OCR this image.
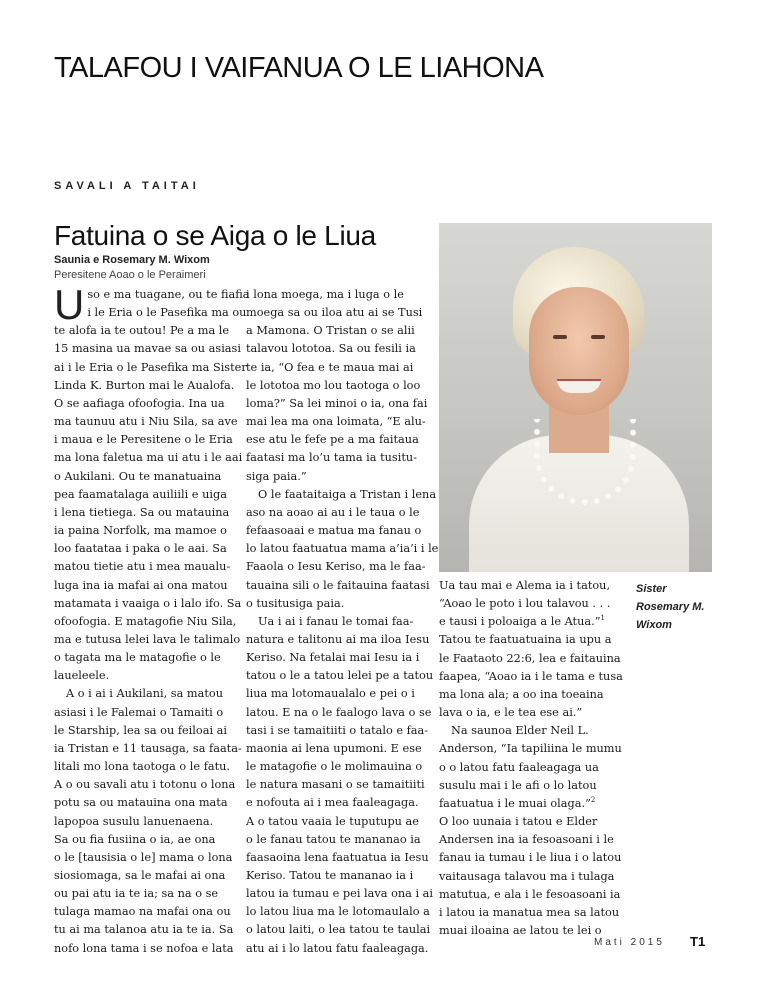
TALAFOU I VAIFANUA O LE LIAHONA
SAVALI A TAITAI
Fatuina o se Aiga o le Liua
Saunia e Rosemary M. Wixom
Peresitene Aoao o le Peraimeri
U so e ma tuagane, ou te fiafia
i le Eria o le Pasefika ma ou
te alofa ia te outou! Pe a ma le
15 masina ua mavae sa ou asiasi
ai i le Eria o le Pasefika ma Sister
Linda K. Burton mai le Aualofa.
O se aafiaga ofoofogia. Ina ua
ma taunuu atu i Niu Sila, sa ave
i maua e le Peresitene o le Eria
ma lona faletua ma ui atu i le aai
o Aukilani. Ou te manatuaina
pea faamatalaga auiliili e uiga
i lena tietiega. Sa ou matauina
ia paina Norfolk, ma mamoe o
loo faatataa i paka o le aai. Sa
matou tietie atu i mea maualu-
luga ina ia mafai ai ona matou
matamata i vaaiga o i lalo ifo. Sa
ofoofogia. E matagofie Niu Sila,
ma e tutusa lelei lava le talimalo
o tagata ma le matagofie o le
laueleele.
A o i ai i Aukilani, sa matou
asiasi i le Falemai o Tamaiti o
le Starship, lea sa ou feiloai ai
ia Tristan e 11 tausaga, sa faata-
litali mo lona taotoga o le fatu.
A o ou savali atu i totonu o lona
potu sa ou matauina ona mata
lapopoa susulu lanuenaena.
Sa ou fia fusiina o ia, ae ona
o le [tausisia o le] mama o lona
siosiomaga, sa le mafai ai ona
ou pai atu ia te ia; sa na o se
tulaga mamao na mafai ona ou
tu ai ma talanoa atu ia te ia. Sa
nofo lona tama i se nofoa e lata
i lona moega, ma i luga o le
moega sa ou iloa atu ai se Tusi
a Mamona. O Tristan o se alii
talavou lototoa. Sa ou fesili ia
te ia, “O fea e te maua mai ai
le lototoa mo lou taotoga o loo
loma?” Sa lei minoi o ia, ona fai
mai lea ma ona loimata, “E alu-
ese atu le fefe pe a ma faitaua
faatasi ma lo’u tama ia tusitu-
siga paia.”
O le faataitaiga a Tristan i lena
aso na aoao ai au i le taua o le
fefaasoaai e matua ma fanau o
lo latou faatuatua mama a’ia’i i le
Faaola o Iesu Keriso, ma le faa-
tauaina sili o le faitauina faatasi
o tusitusiga paia.
Ua i ai i fanau le tomai faa-
natura e talitonu ai ma iloa Iesu
Keriso. Na fetalai mai Iesu ia i
tatou o le a tatou lelei pe a tatou
liua ma lotomaualalo e pei o i
latou. E na o le faalogo lava o se
tasi i se tamaitiiti o tatalo e faa-
maonia ai lena upumoni. E ese
le matagofie o le molimauina o
le natura masani o se tamaitiiti
e nofouta ai i mea faaleagaga.
A o tatou vaaia le tuputupu ae
o le fanau tatou te mananao ia
faasaoina lena faatuatua ia Iesu
Keriso. Tatou te mananao ia i
latou ia tumau e pei lava ona i ai
lo latou liua ma le lotomaulalo a
o latou laiti, o lea tatou te taulai
atu ai i lo latou fatu faaleagaga.
Ua tau mai e Alema ia i tatou,
“Aoao le poto i lou talavou . . .
e tausi i poloaiga a le Atua.”$^1$
Tatou te faatuatuaina ia upu a
le Faataoto 22:6, lea e faitauina
faapea, “Aoao ia i le tama e tusa
ma lona ala; a oo ina toeaina
lava o ia, e le tea ese ai.”
Na saunoa Elder Neil L.
Anderson, “Ia tapiliina le mumu
o o latou fatu faaleagaga ua
susulu mai i le afi o lo latou
faatuatua i le muai olaga.”$^2$
O loo uunaia i tatou e Elder
Andersen ina ia fesoasoani i le
fanau ia tumau i le liua i o latou
vaitausaga talavou ma i tulaga
matutua, e ala i le fesoasoani ia
i latou ia manatua mea sa latou
muai iloaina ae latou te lei o
Sister
Rosemary M.
Wixom
Mati 2015 T1
